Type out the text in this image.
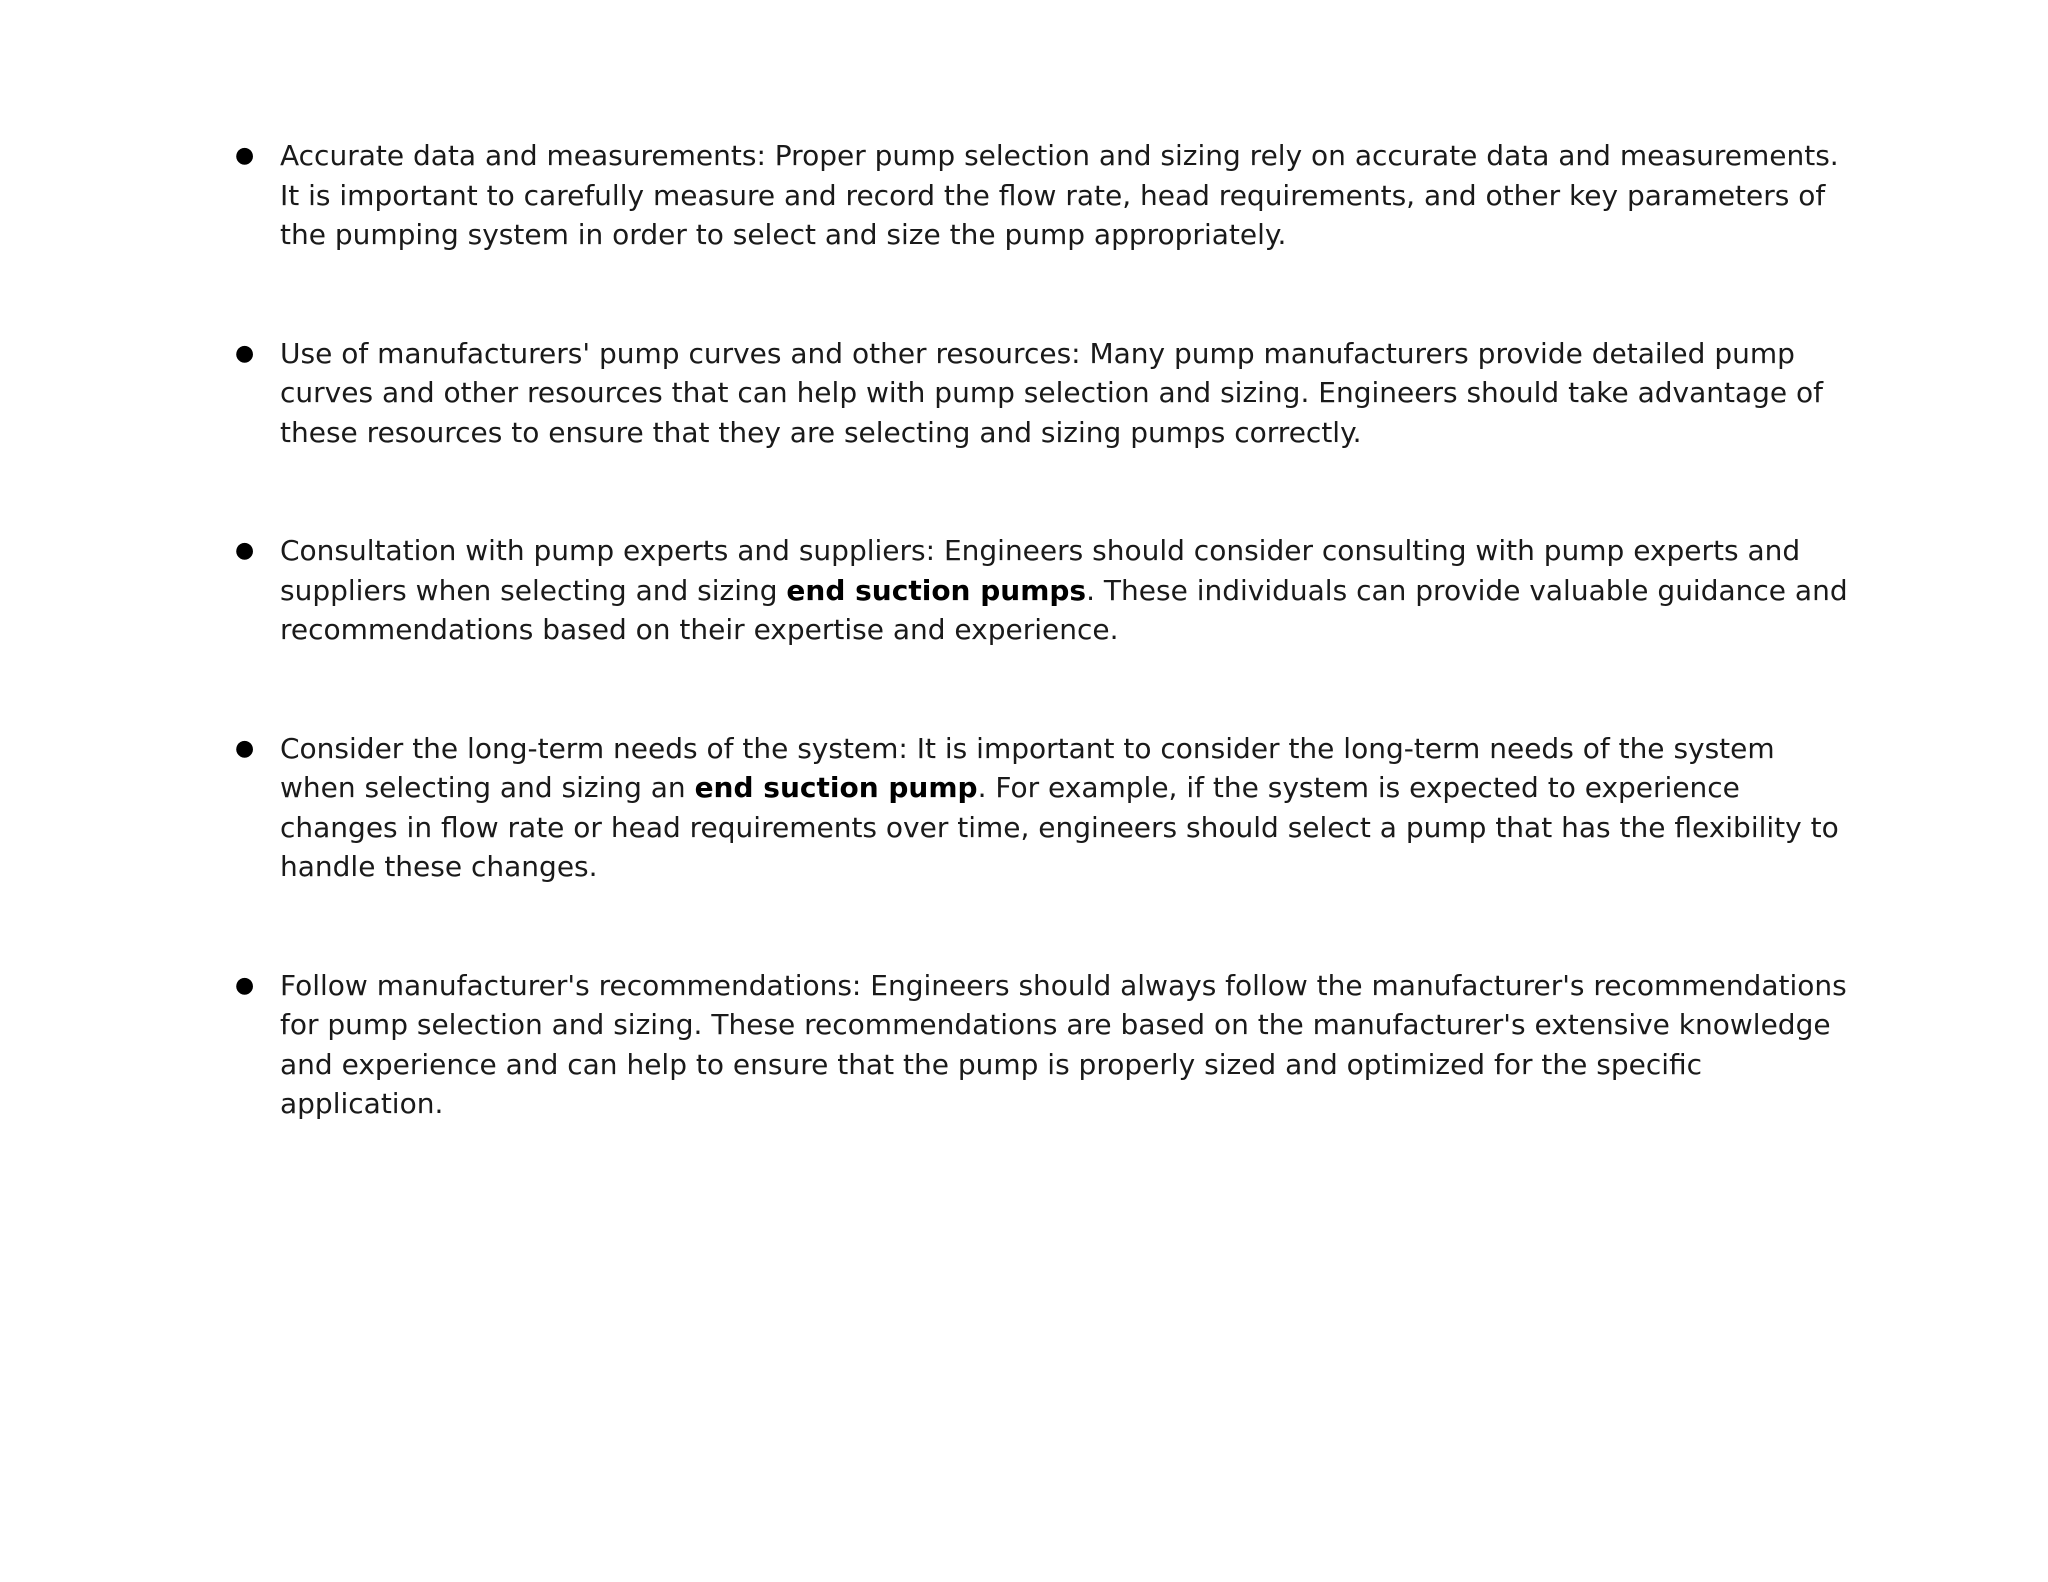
● Accurate data and measurements: Proper pump selection and sizing rely on accurate data and measurements. It is important to carefully measure and record the flow rate, head requirements, and other key parameters of the pumping system in order to select and size the pump appropriately.
● Use of manufacturers' pump curves and other resources: Many pump manufacturers provide detailed pump curves and other resources that can help with pump selection and sizing. Engineers should take advantage of these resources to ensure that they are selecting and sizing pumps correctly.
● Consultation with pump experts and suppliers: Engineers should consider consulting with pump experts and suppliers when selecting and sizing end suction pumps. These individuals can provide valuable guidance and recommendations based on their expertise and experience.
● Consider the long-term needs of the system: It is important to consider the long-term needs of the system when selecting and sizing an end suction pump. For example, if the system is expected to experience changes in flow rate or head requirements over time, engineers should select a pump that has the flexibility to handle these changes.
● Follow manufacturer's recommendations: Engineers should always follow the manufacturer's recommendations for pump selection and sizing. These recommendations are based on the manufacturer's extensive knowledge and experience and can help to ensure that the pump is properly sized and optimized for the specific application.
